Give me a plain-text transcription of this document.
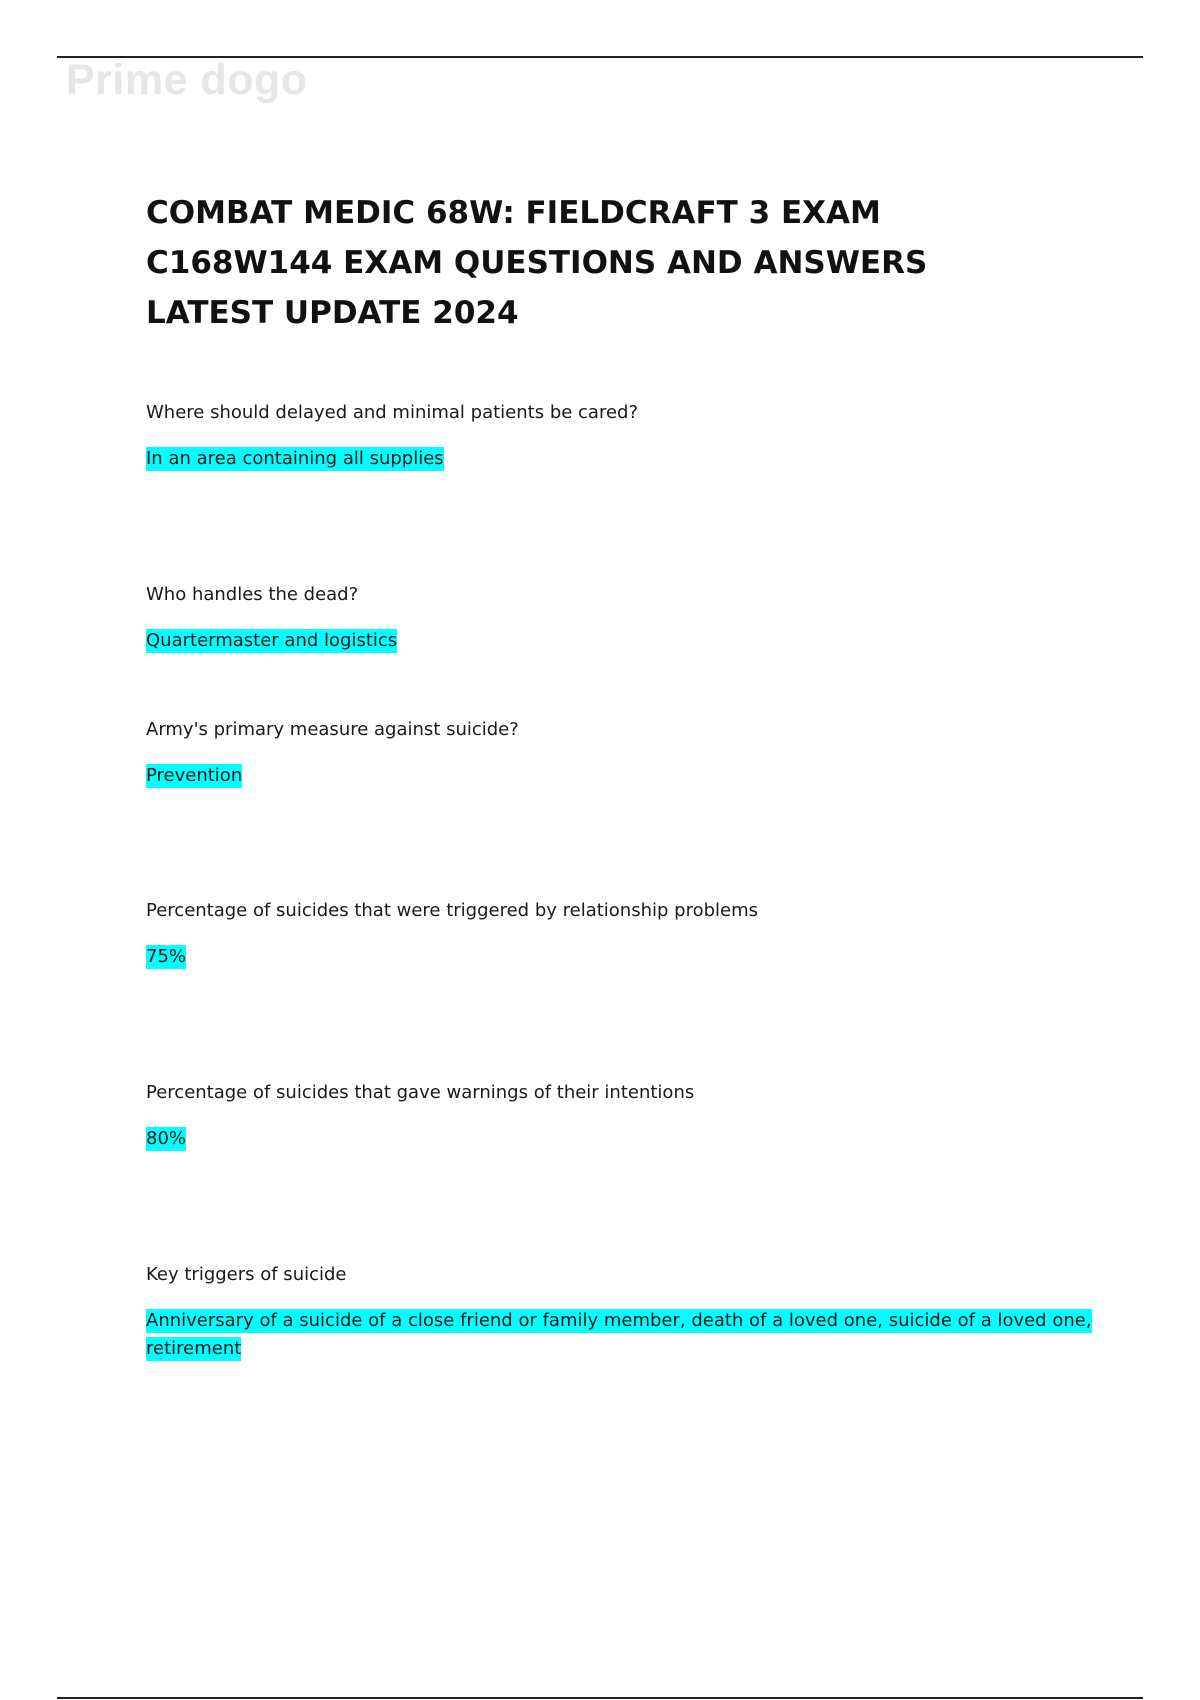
Prime dogo
COMBAT MEDIC 68W: FIELDCRAFT 3 EXAM
C168W144 EXAM QUESTIONS AND ANSWERS
LATEST UPDATE 2024
Where should delayed and minimal patients be cared?
In an area containing all supplies
Who handles the dead?
Quartermaster and logistics
Army's primary measure against suicide?
Prevention
Percentage of suicides that were triggered by relationship problems
75%
Percentage of suicides that gave warnings of their intentions
80%
Key triggers of suicide
Anniversary of a suicide of a close friend or family member, death of a loved one, suicide of a loved one, retirement
